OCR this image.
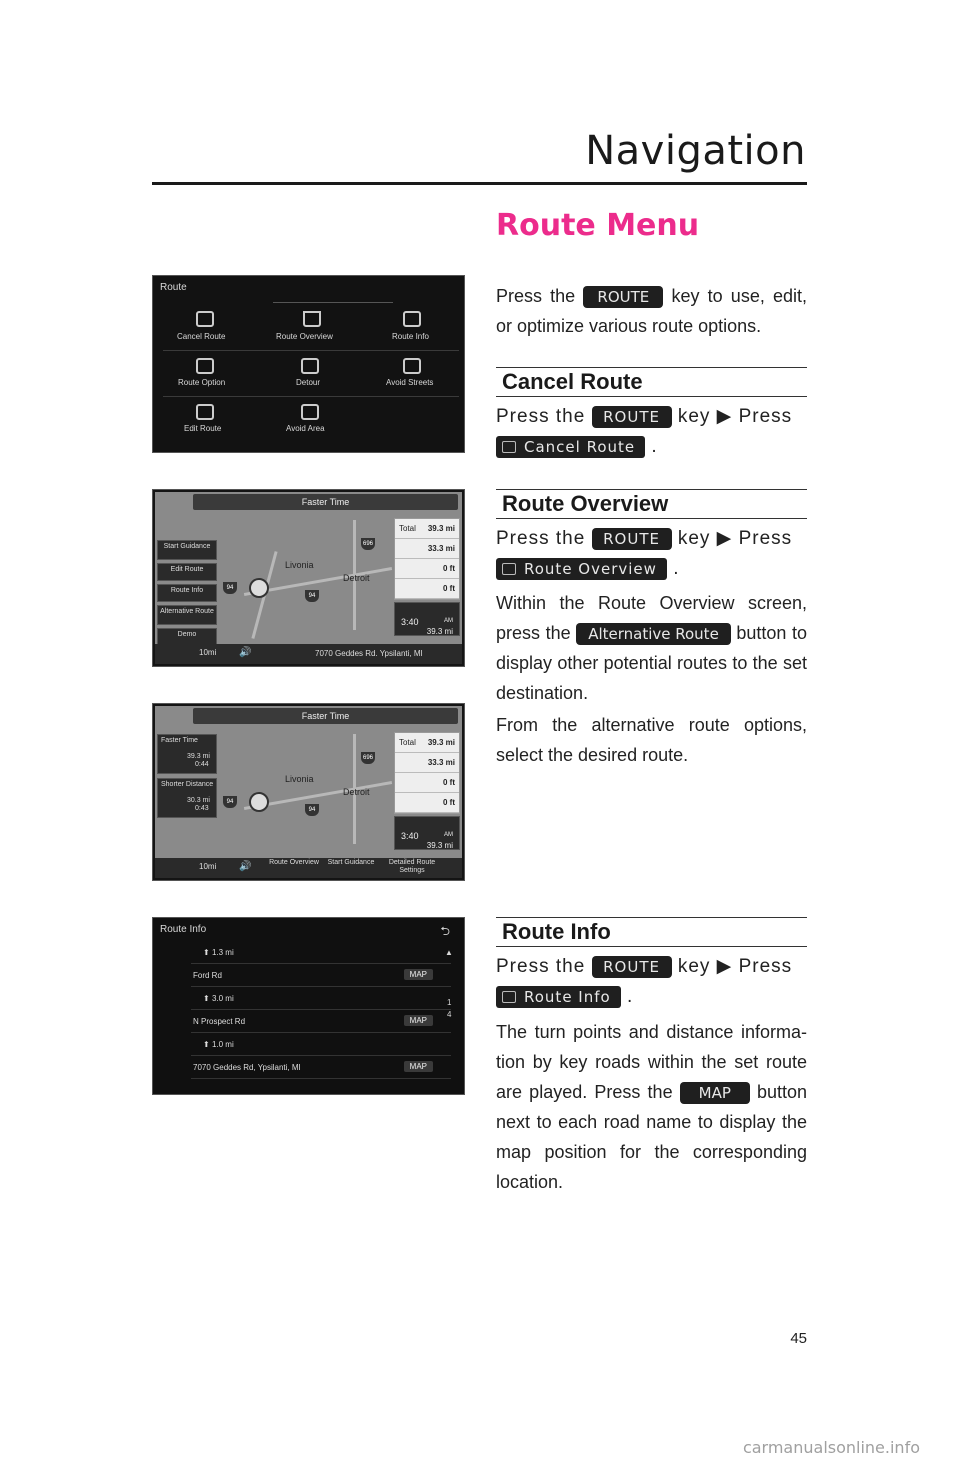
Navigation
Route Menu
Press the ROUTE key to use, edit, or optimize various route options.
Cancel Route
Press the ROUTE key ▶ Press
Cancel Route .
Route Overview
Press the ROUTE key ▶ Press
Route Overview .
Within the Route Overview screen, press the Alternative Route button to display other potential routes to the set destination.
From the alternative route options, select the desired route.
Route Info
Press the ROUTE key ▶ Press
Route Info .
The turn points and distance informa-tion by key roads within the set route are played. Press the MAP button next to each road name to display the map position for the corresponding location.
Route
Cancel Route	Route Overview	Route Info
Route Option	Detour	Avoid Streets
Edit Route	Avoid Area
Faster Time
Start Guidance
Edit Route
Route Info
Alternative Route
Demo
Livonia
Detroit
94
94
696
Total 39.3 mi
33.3 mi
0 ft
0 ft
3:40	AM
39.3 mi
10mi 🔊	7070 Geddes Rd. Ypsilanti, MI
Faster Time
Faster Time

39.3 mi
0:44
Shorter Distance

30.3 mi
0:43
Livonia
Detroit
94
94
696
Total 39.3 mi
33.3 mi
0 ft
0 ft
3:40	AM
39.3 mi
10mi 🔊	Route Overview	Start Guidance	Detailed Route Settings
Route Info	⮌
⬆ 1.3 mi
Ford Rd	MAP
⬆ 3.0 mi
N Prospect Rd	MAP
⬆ 1.0 mi
7070 Geddes Rd, Ypsilanti, MI	MAP
▲
1
4
45
carmanualsonline.info
